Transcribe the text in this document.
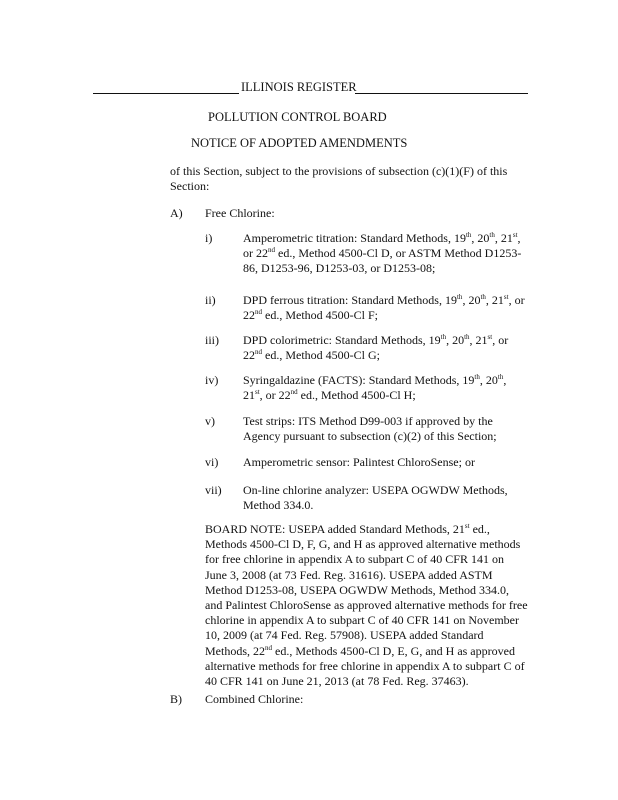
ILLINOIS REGISTER
POLLUTION CONTROL BOARD
NOTICE OF ADOPTED AMENDMENTS
of this Section, subject to the provisions of subsection (c)(1)(F) of this
Section:
A) Free Chlorine:
i)	Amperometric titration: Standard Methods, 19th, 20th, 21st,
or 22nd ed., Method 4500-Cl D, or ASTM Method D1253-
86, D1253-96, D1253-03, or D1253-08;
ii) DPD ferrous titration: Standard Methods, 19th, 20th, 21st, or
22nd ed., Method 4500-Cl F;
iii) DPD colorimetric: Standard Methods, 19th, 20th, 21st, or
22nd ed., Method 4500-Cl G;
iv) Syringaldazine (FACTS): Standard Methods, 19th, 20th,
21st, or 22nd ed., Method 4500-Cl H;
v) Test strips: ITS Method D99-003 if approved by the
Agency pursuant to subsection (c)(2) of this Section;
vi) Amperometric sensor: Palintest ChloroSense; or
vii) On-line chlorine analyzer: USEPA OGWDW Methods,
Method 334.0.
BOARD NOTE: USEPA added Standard Methods, 21st ed.,
Methods 4500-Cl D, F, G, and H as approved alternative methods
for free chlorine in appendix A to subpart C of 40 CFR 141 on
June 3, 2008 (at 73 Fed. Reg. 31616). USEPA added ASTM
Method D1253-08, USEPA OGWDW Methods, Method 334.0,
and Palintest ChloroSense as approved alternative methods for free
chlorine in appendix A to subpart C of 40 CFR 141 on November
10, 2009 (at 74 Fed. Reg. 57908). USEPA added Standard
Methods, 22nd ed., Methods 4500-Cl D, E, G, and H as approved
alternative methods for free chlorine in appendix A to subpart C of
40 CFR 141 on June 21, 2013 (at 78 Fed. Reg. 37463).
B) Combined Chlorine:
